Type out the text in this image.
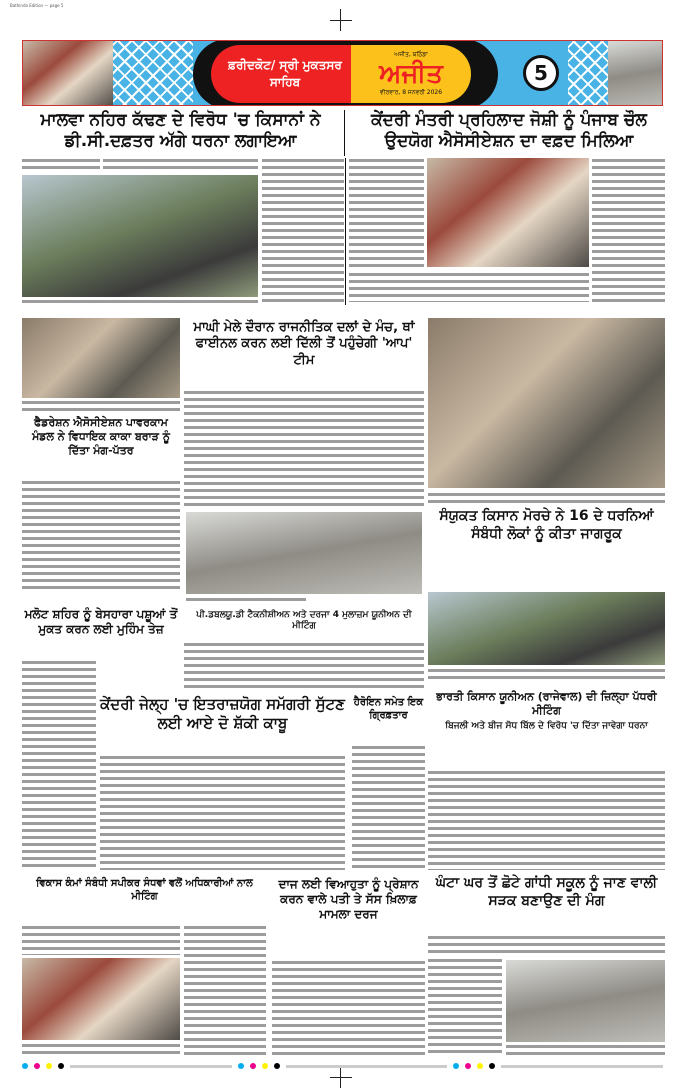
Bathinda Edition — page 5
ਫ਼ਰੀਦਕੋਟ/ ਸ੍ਰੀ ਮੁਕਤਸਰ ਸਾਹਿਬ
ਅਜੀਤ, ਬਠਿੰਡਾ
ਅਜੀਤ
ਵੀਰਵਾਰ, 8 ਜਨਵਰੀ 2026
5
ਮਾਲਵਾ ਨਹਿਰ ਕੱਢਣ ਦੇ ਵਿਰੋਧ 'ਚ ਕਿਸਾਨਾਂ ਨੇ ਡੀ.ਸੀ.ਦਫ਼ਤਰ ਅੱਗੇ ਧਰਨਾ ਲਗਾਇਆ
ਕੇਂਦਰੀ ਮੰਤਰੀ ਪ੍ਰਹਿਲਾਦ ਜੋਸ਼ੀ ਨੂੰ ਪੰਜਾਬ ਚੌਲ ਉਦਯੋਗ ਐਸੋਸੀਏਸ਼ਨ ਦਾ ਵਫ਼ਦ ਮਿਲਿਆ
ਫੈਡਰੇਸ਼ਨ ਐਸੋਸੀਏਸ਼ਨ ਪਾਵਰਕਾਮ ਮੰਡਲ ਨੇ ਵਿਧਾਇਕ ਕਾਕਾ ਬਰਾੜ ਨੂੰ ਦਿੱਤਾ ਮੰਗ-ਪੱਤਰ
ਮਾਘੀ ਮੇਲੇ ਦੌਰਾਨ ਰਾਜਨੀਤਿਕ ਦਲਾਂ ਦੇ ਮੰਚ, ਥਾਂ ਫਾਈਨਲ ਕਰਨ ਲਈ ਦਿੱਲੀ ਤੋਂ ਪਹੁੰਚੇਗੀ 'ਆਪ' ਟੀਮ
ਸੰਯੁਕਤ ਕਿਸਾਨ ਮੋਰਚੇ ਨੇ 16 ਦੇ ਧਰਨਿਆਂ ਸੰਬੰਧੀ ਲੋਕਾਂ ਨੂੰ ਕੀਤਾ ਜਾਗਰੂਕ
ਮਲੋਟ ਸ਼ਹਿਰ ਨੂੰ ਬੇਸਹਾਰਾ ਪਸ਼ੂਆਂ ਤੋਂ ਮੁਕਤ ਕਰਨ ਲਈ ਮੁਹਿੰਮ ਤੇਜ਼
ਪੀ.ਡਬਲਯੂ.ਡੀ ਟੈਕਨੀਸ਼ੀਅਨ ਅਤੇ ਦਰਜਾ 4 ਮੁਲਾਜ਼ਮ ਯੂਨੀਅਨ ਦੀ ਮੀਟਿੰਗ
ਕੇਂਦਰੀ ਜੇਲ੍ਹ 'ਚ ਇਤਰਾਜ਼ਯੋਗ ਸਮੱਗਰੀ ਸੁੱਟਣ ਲਈ ਆਏ ਦੋ ਸ਼ੱਕੀ ਕਾਬੂ
ਹੈਰੋਇਨ ਸਮੇਤ ਇਕ ਗ੍ਰਿਫ਼ਤਾਰ
ਭਾਰਤੀ ਕਿਸਾਨ ਯੂਨੀਅਨ (ਰਾਜੇਵਾਲ) ਦੀ ਜ਼ਿਲ੍ਹਾ ਪੱਧਰੀ ਮੀਟਿੰਗ
ਬਿਜਲੀ ਅਤੇ ਬੀਜ ਸੋਧ ਬਿੱਲ ਦੇ ਵਿਰੋਧ 'ਚ ਦਿੱਤਾ ਜਾਵੇਗਾ ਧਰਨਾ
ਵਿਕਾਸ ਕੰਮਾਂ ਸੰਬੰਧੀ ਸਪੀਕਰ ਸੰਧਵਾਂ ਵਲੋਂ ਅਧਿਕਾਰੀਆਂ ਨਾਲ ਮੀਟਿੰਗ
ਦਾਜ ਲਈ ਵਿਆਹੁਤਾ ਨੂੰ ਪ੍ਰੇਸ਼ਾਨ ਕਰਨ ਵਾਲੇ ਪਤੀ ਤੇ ਸੱਸ ਖ਼ਿਲਾਫ਼ ਮਾਮਲਾ ਦਰਜ
ਘੰਟਾ ਘਰ ਤੋਂ ਛੋਟੇ ਗਾਂਧੀ ਸਕੂਲ ਨੂੰ ਜਾਣ ਵਾਲੀ ਸੜਕ ਬਣਾਉਣ ਦੀ ਮੰਗ
